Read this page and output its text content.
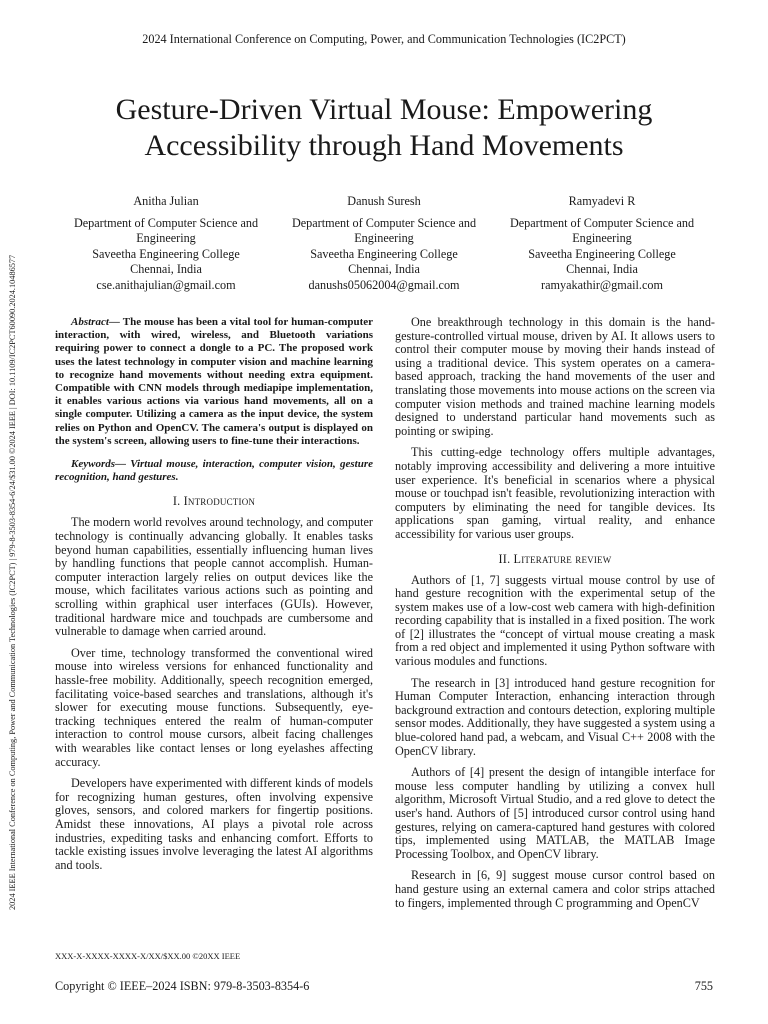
2024 International Conference on Computing, Power, and Communication Technologies (IC2PCT)
2024 IEEE International Conference on Computing, Power and Communication Technologies (IC2PCT) | 979-8-3503-8354-6/24/$31.00 ©2024 IEEE | DOI: 10.1109/IC2PCT60090.2024.10486577
Gesture-Driven Virtual Mouse: Empowering Accessibility through Hand Movements
Anitha Julian
Department of Computer Science and Engineering
Saveetha Engineering College
Chennai, India
cse.anithajulian@gmail.com
Danush Suresh
Department of Computer Science and Engineering
Saveetha Engineering College
Chennai, India
danushs05062004@gmail.com
Ramyadevi R
Department of Computer Science and Engineering
Saveetha Engineering College
Chennai, India
ramyakathir@gmail.com

Abstract— The mouse has been a vital tool for human-computer interaction, with wired, wireless, and Bluetooth variations requiring power to connect a dongle to a PC. The proposed work uses the latest technology in computer vision and machine learning to recognize hand movements without needing extra equipment. Compatible with CNN models through mediapipe implementation, it enables various actions via various hand movements, all on a single computer. Utilizing a camera as the input device, the system relies on Python and OpenCV. The camera's output is displayed on the system's screen, allowing users to fine-tune their interactions.

Keywords— Virtual mouse, interaction, computer vision, gesture recognition, hand gestures.

I. Introduction

The modern world revolves around technology, and computer technology is continually advancing globally. It enables tasks beyond human capabilities, essentially influencing human lives by handling functions that people cannot accomplish. Human-computer interaction largely relies on output devices like the mouse, which facilitates various actions such as pointing and scrolling within graphical user interfaces (GUIs). However, traditional hardware mice and touchpads are cumbersome and vulnerable to damage when carried around.

Over time, technology transformed the conventional wired mouse into wireless versions for enhanced functionality and hassle-free mobility. Additionally, speech recognition emerged, facilitating voice-based searches and translations, although it's slower for executing mouse functions. Subsequently, eye-tracking techniques entered the realm of human-computer interaction to control mouse cursors, albeit facing challenges with wearables like contact lenses or long eyelashes affecting accuracy.

Developers have experimented with different kinds of models for recognizing human gestures, often involving expensive gloves, sensors, and colored markers for fingertip positions. Amidst these innovations, AI plays a pivotal role across industries, expediting tasks and enhancing comfort. Efforts to tackle existing issues involve leveraging the latest AI algorithms and tools.

One breakthrough technology in this domain is the hand-gesture-controlled virtual mouse, driven by AI. It allows users to control their computer mouse by moving their hands instead of using a traditional device. This system operates on a camera-based approach, tracking the hand movements of the user and translating those movements into mouse actions on the screen via computer vision methods and trained machine learning models designed to understand particular hand movements such as pointing or swiping.

This cutting-edge technology offers multiple advantages, notably improving accessibility and delivering a more intuitive user experience. It's beneficial in scenarios where a physical mouse or touchpad isn't feasible, revolutionizing interaction with computers by eliminating the need for tangible devices. Its applications span gaming, virtual reality, and enhance accessibility for various user groups.

II. Literature review

Authors of [1, 7] suggests virtual mouse control by use of hand gesture recognition with the experimental setup of the system makes use of a low-cost web camera with high-definition recording capability that is installed in a fixed position. The work of [2] illustrates the “concept of virtual mouse creating a mask from a red object and implemented it using Python software with various modules and functions.

The research in [3] introduced hand gesture recognition for Human Computer Interaction, enhancing interaction through background extraction and contours detection, exploring multiple sensor modes. Additionally, they have suggested a system using a blue-colored hand pad, a webcam, and Visual C++ 2008 with the OpenCV library.

Authors of [4] present the design of intangible interface for mouse less computer handling by utilizing a convex hull algorithm, Microsoft Virtual Studio, and a red glove to detect the user's hand. Authors of [5] introduced cursor control using hand gestures, relying on camera-captured hand gestures with colored tips, implemented using MATLAB, the MATLAB Image Processing Toolbox, and OpenCV library.

Research in [6, 9] suggest mouse cursor control based on hand gesture using an external camera and color strips attached to fingers, implemented through C programming and OpenCV

XXX-X-XXXX-XXXX-X/XX/$XX.00 ©20XX IEEE
Copyright © IEEE–2024 ISBN: 979-8-3503-8354-6	755
